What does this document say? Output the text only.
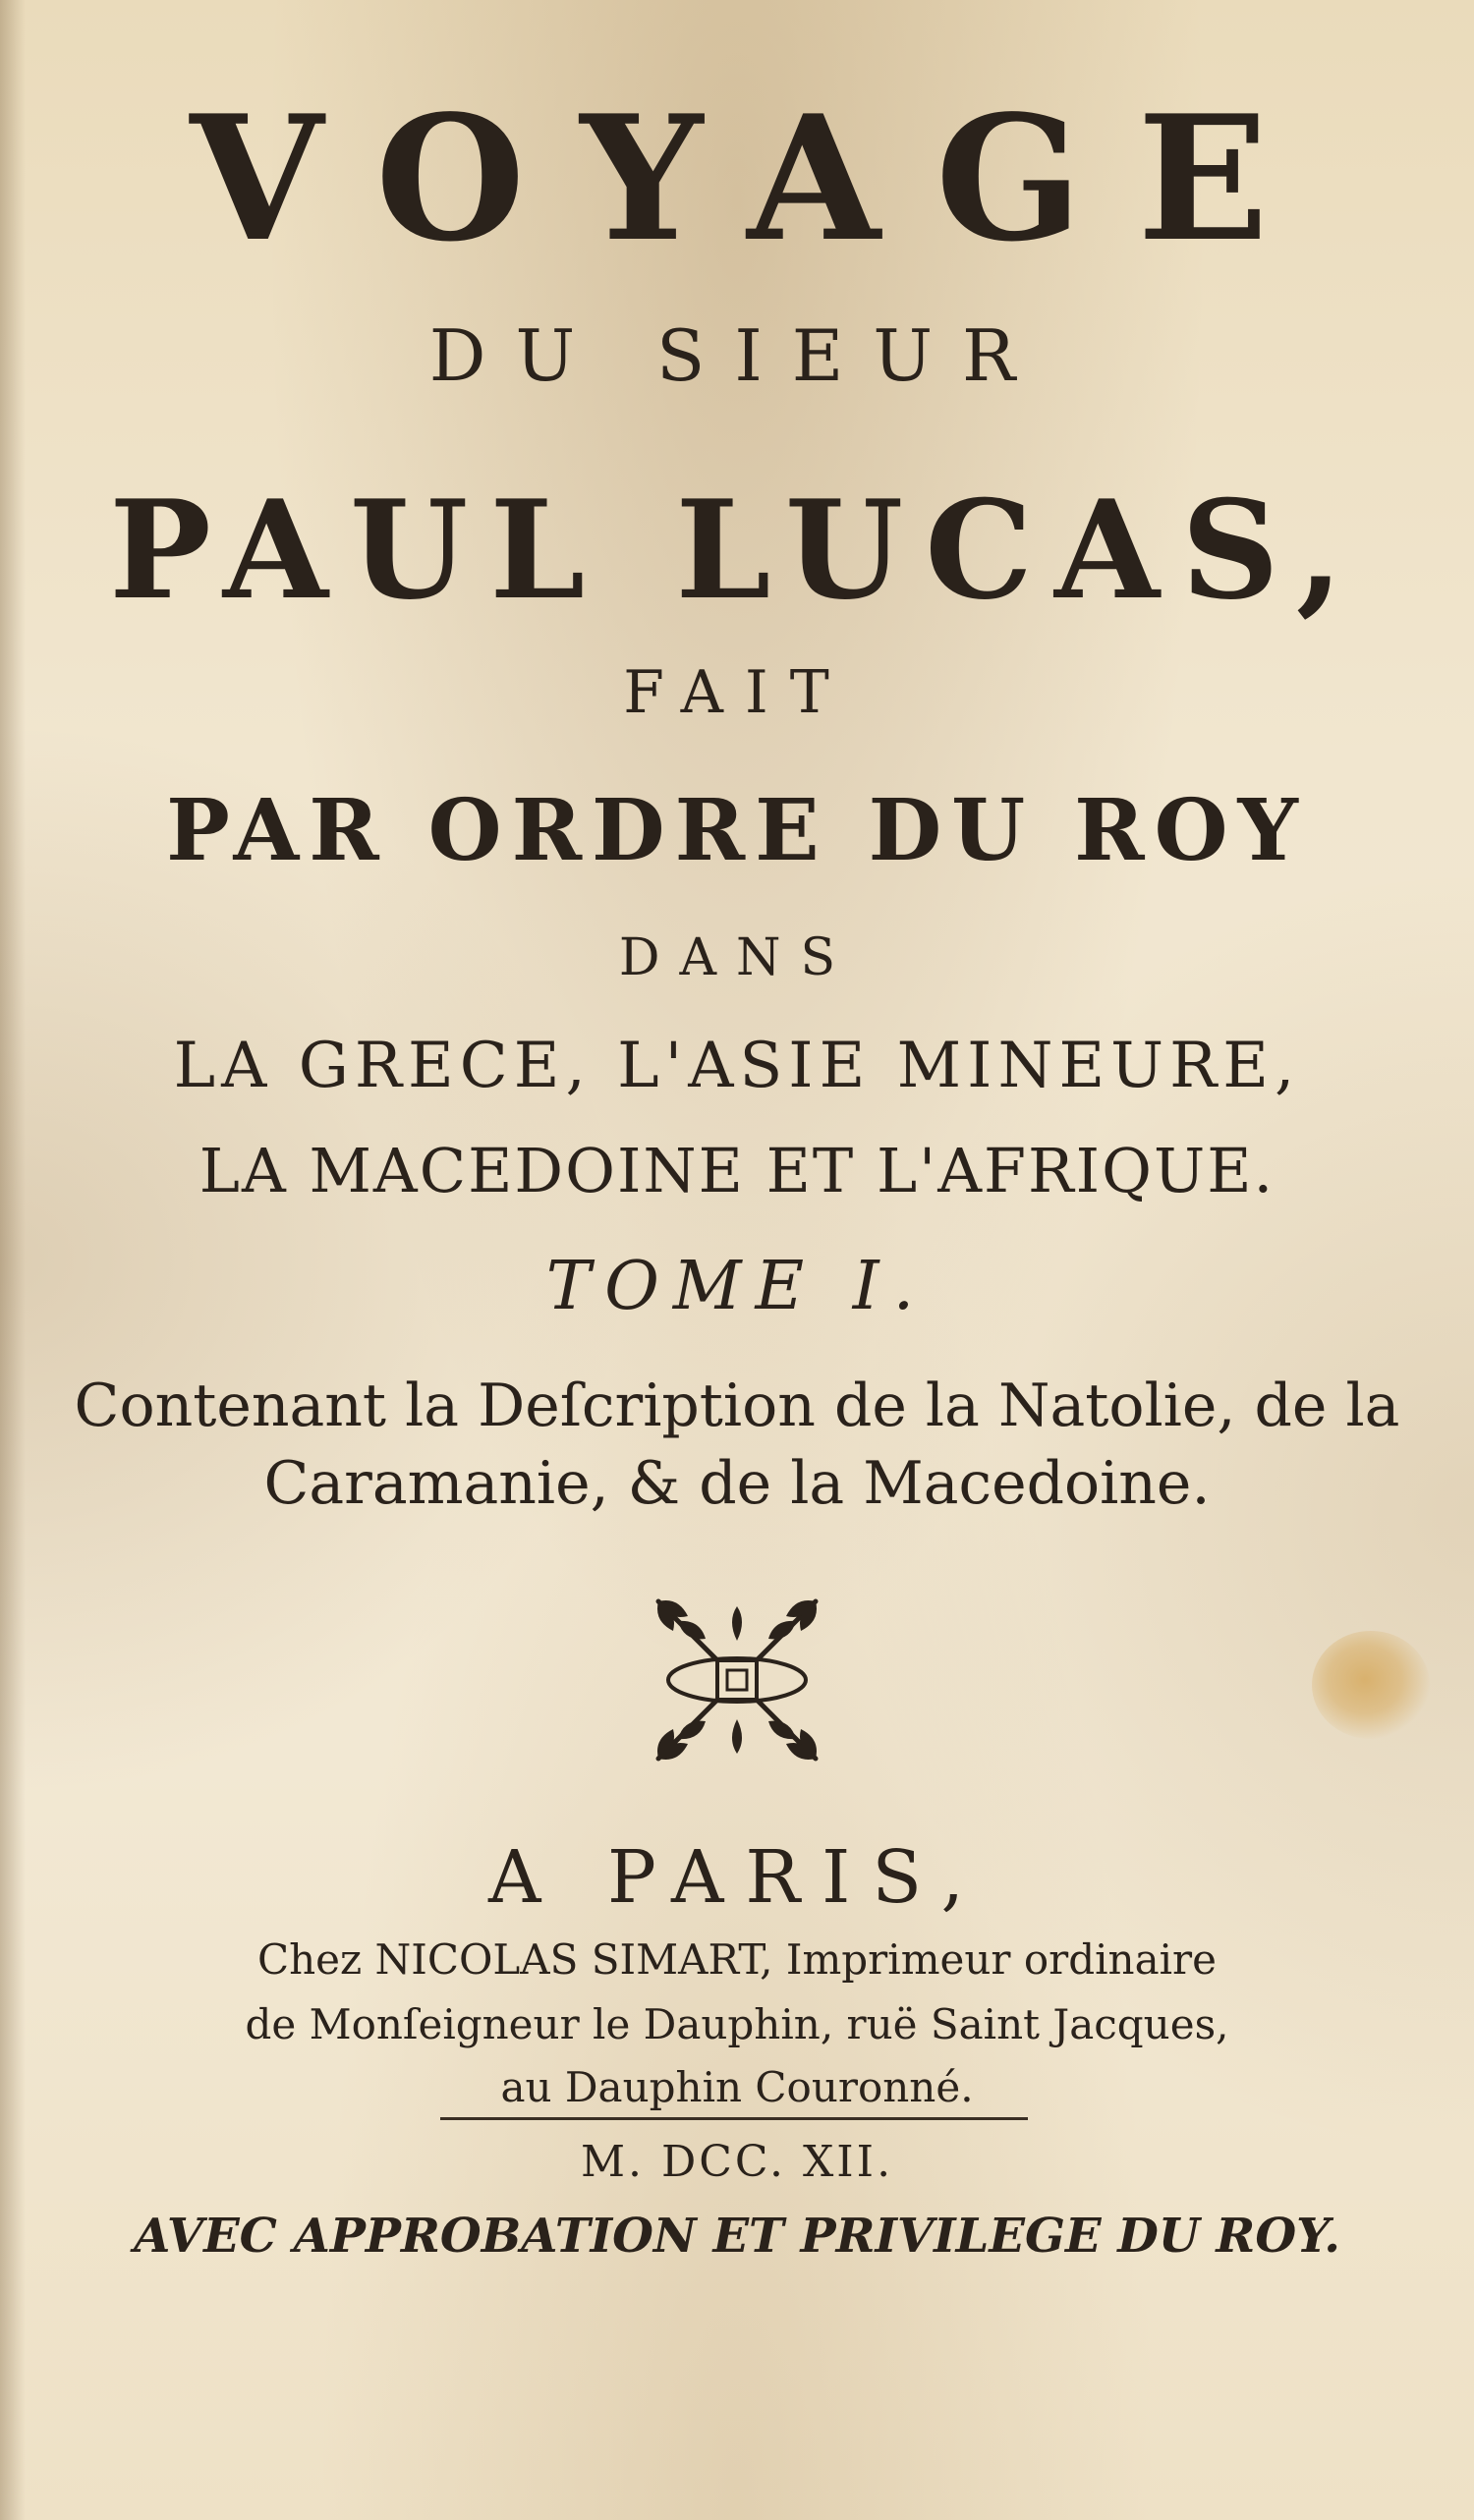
VOYAGE
DU SIEUR
PAUL LUCAS,
FAIT
PAR ORDRE DU ROY
DANS
LA GRECE, L'ASIE MINEURE,
LA MACEDOINE ET L'AFRIQUE.
TOME I.
Contenant la Deſcription de la Natolie, de la
Caramanie, & de la Macedoine.
A PARIS,
Chez NICOLAS SIMART, Imprimeur ordinaire
de Monſeigneur le Dauphin, ruë Saint Jacques,
au Dauphin Couronné.
M. DCC. XII.
AVEC APPROBATION ET PRIVILEGE DU ROY.
